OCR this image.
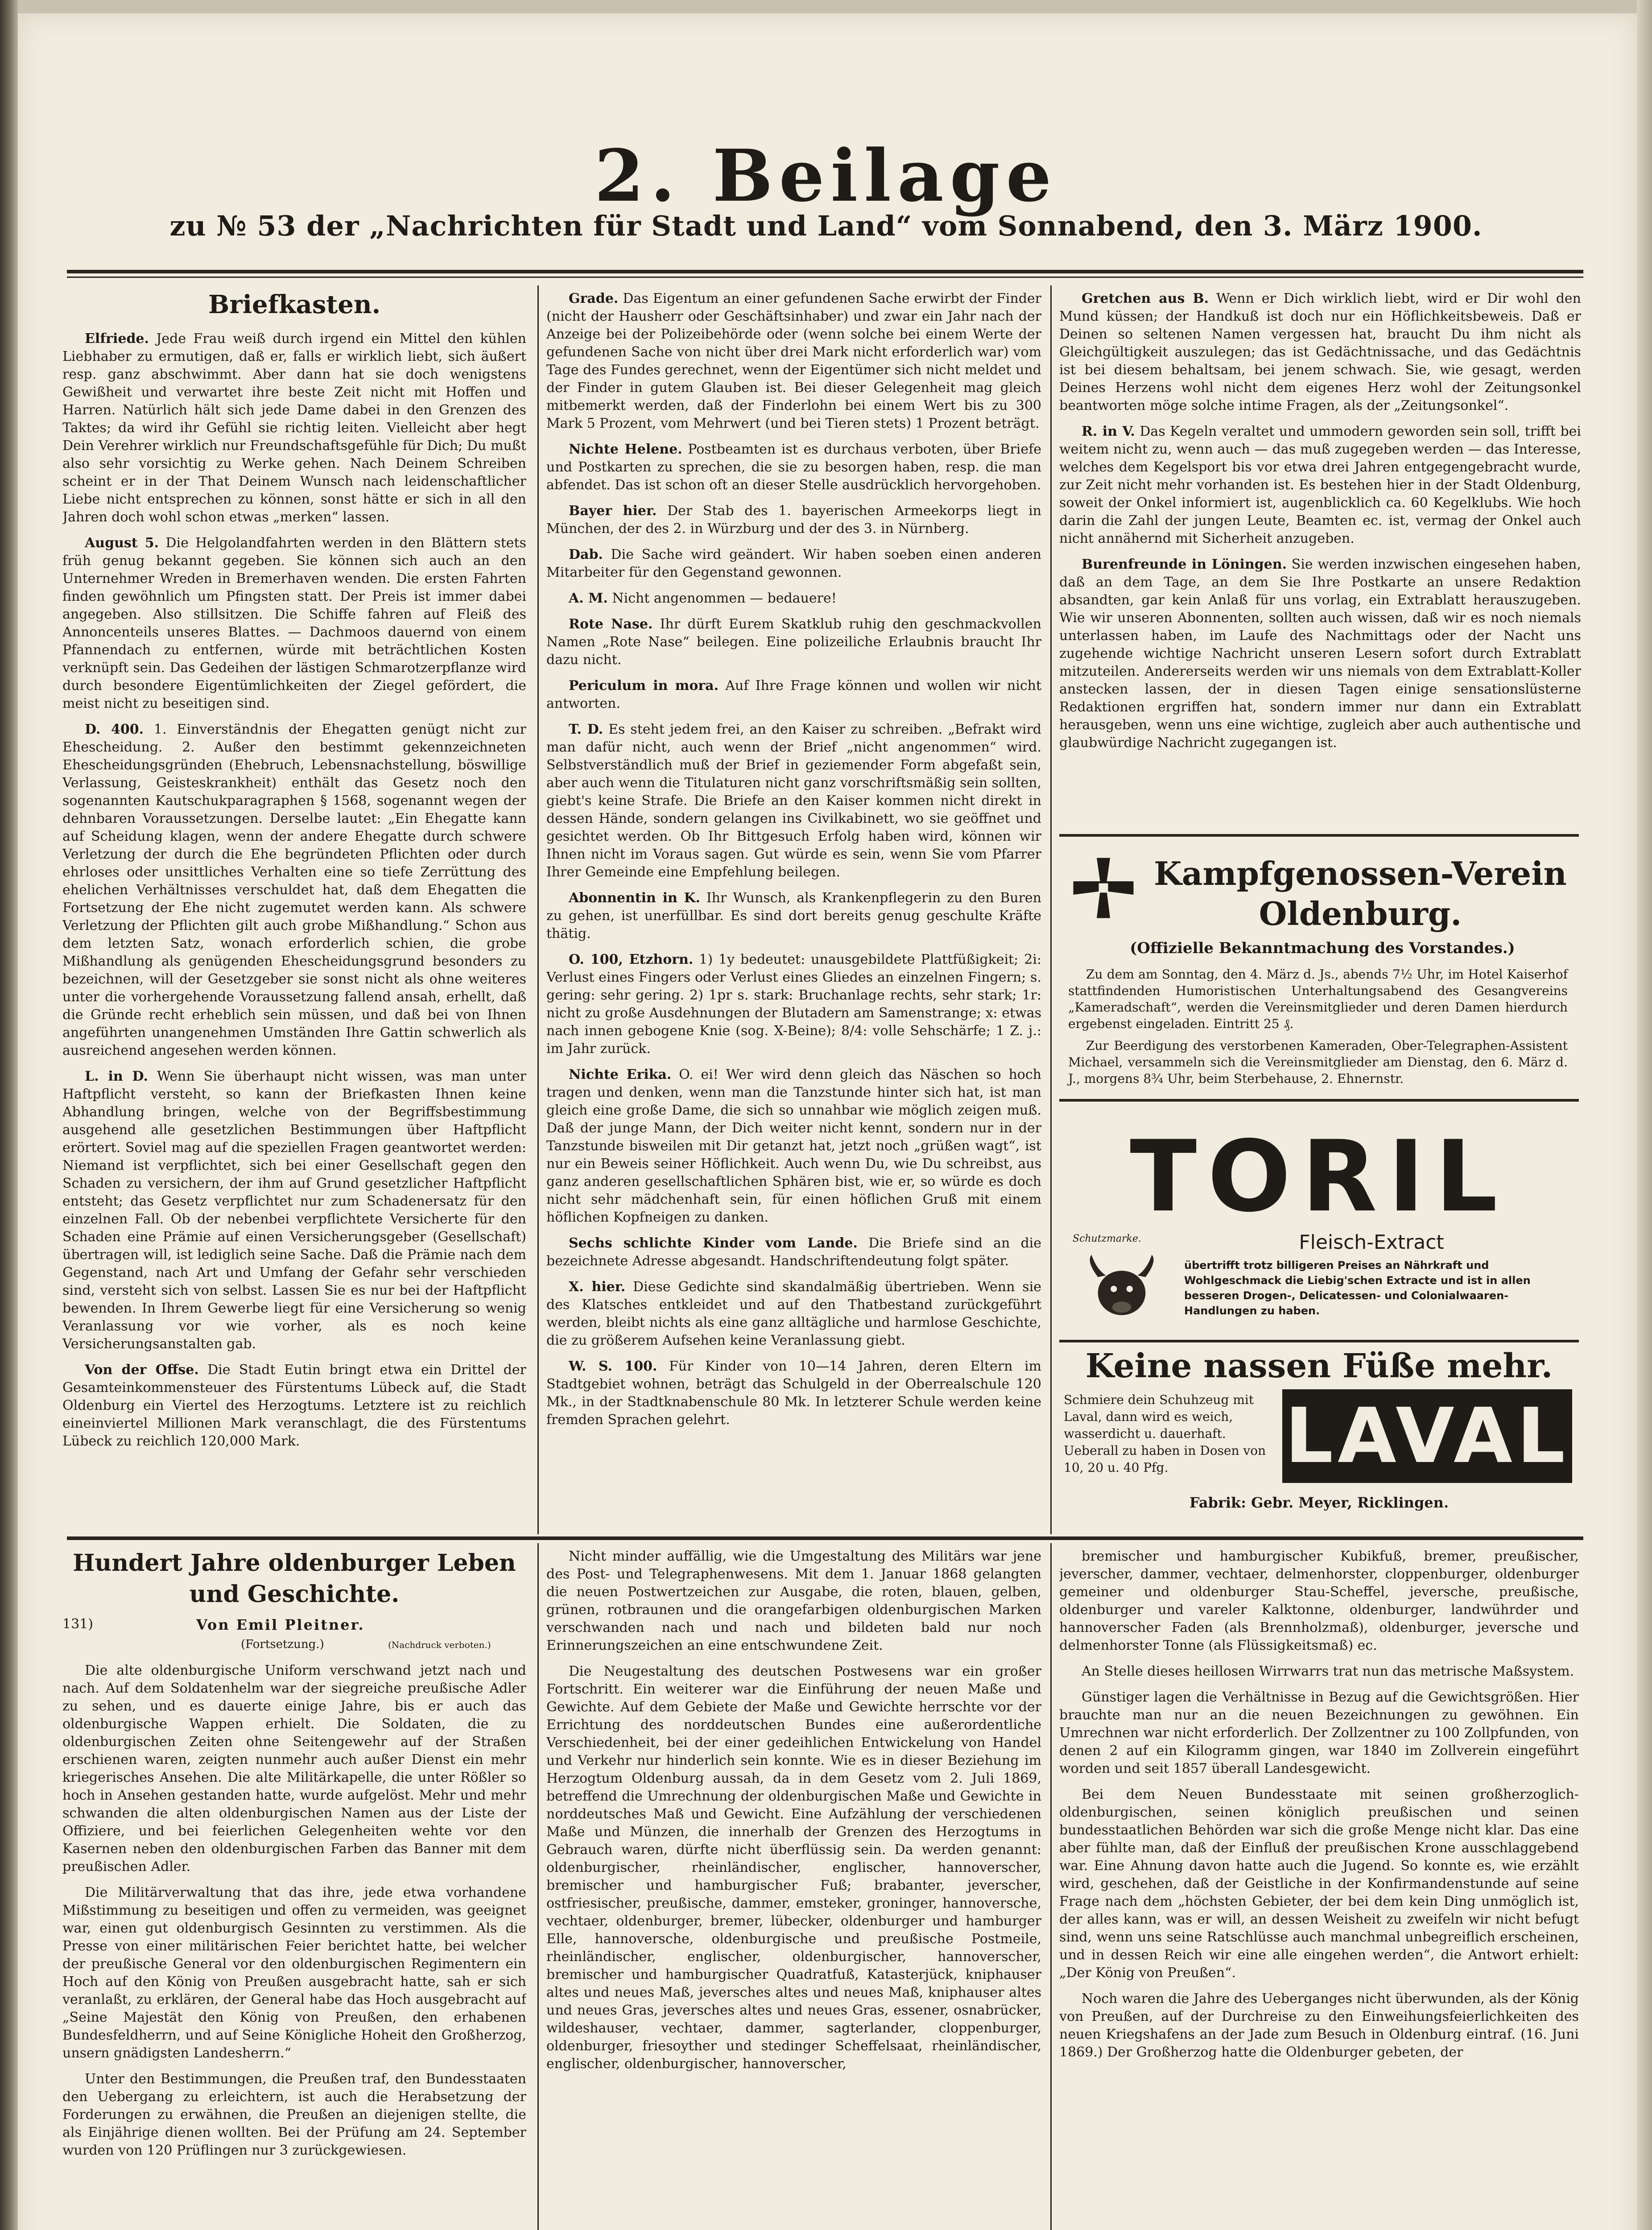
2. Beilage
zu № 53 der „Nachrichten für Stadt und Land“ vom Sonnabend, den 3. März 1900.
Briefkasten.

Elfriede. Jede Frau weiß durch irgend ein Mittel den kühlen Liebhaber zu ermutigen, daß er, falls er wirklich liebt, sich äußert resp. ganz abschwimmt. Aber dann hat sie doch wenigstens Gewißheit und verwartet ihre beste Zeit nicht mit Hoffen und Harren. Natürlich hält sich jede Dame dabei in den Grenzen des Taktes; da wird ihr Gefühl sie richtig leiten. Vielleicht aber hegt Dein Verehrer wirklich nur Freundschaftsgefühle für Dich; Du mußt also sehr vorsichtig zu Werke gehen. Nach Deinem Schreiben scheint er in der That Deinem Wunsch nach leidenschaftlicher Liebe nicht entsprechen zu können, sonst hätte er sich in all den Jahren doch wohl schon etwas „merken“ lassen.

August 5. Die Helgolandfahrten werden in den Blättern stets früh genug bekannt gegeben. Sie können sich auch an den Unternehmer Wreden in Bremerhaven wenden. Die ersten Fahrten finden gewöhnlich um Pfingsten statt. Der Preis ist immer dabei angegeben. Also stillsitzen. Die Schiffe fahren auf Fleiß des Annoncenteils unseres Blattes. — Dachmoos dauernd von einem Pfannendach zu entfernen, würde mit beträchtlichen Kosten verknüpft sein. Das Gedeihen der lästigen Schmarotzerpflanze wird durch besondere Eigentümlichkeiten der Ziegel gefördert, die meist nicht zu beseitigen sind.

D. 400. 1. Einverständnis der Ehegatten genügt nicht zur Ehescheidung. 2. Außer den bestimmt gekennzeichneten Ehescheidungsgründen (Ehebruch, Lebensnachstellung, böswillige Verlassung, Geisteskrankheit) enthält das Gesetz noch den sogenannten Kautschukparagraphen § 1568, sogenannt wegen der dehnbaren Voraussetzungen. Derselbe lautet: „Ein Ehegatte kann auf Scheidung klagen, wenn der andere Ehegatte durch schwere Verletzung der durch die Ehe begründeten Pflichten oder durch ehrloses oder unsittliches Verhalten eine so tiefe Zerrüttung des ehelichen Verhältnisses verschuldet hat, daß dem Ehegatten die Fortsetzung der Ehe nicht zugemutet werden kann. Als schwere Verletzung der Pflichten gilt auch grobe Mißhandlung.“ Schon aus dem letzten Satz, wonach erforderlich schien, die grobe Mißhandlung als genügenden Ehescheidungsgrund besonders zu bezeichnen, will der Gesetzgeber sie sonst nicht als ohne weiteres unter die vorhergehende Voraussetzung fallend ansah, erhellt, daß die Gründe recht erheblich sein müssen, und daß bei von Ihnen angeführten unangenehmen Umständen Ihre Gattin schwerlich als ausreichend angesehen werden können.

L. in D. Wenn Sie überhaupt nicht wissen, was man unter Haftpflicht versteht, so kann der Briefkasten Ihnen keine Abhandlung bringen, welche von der Begriffsbestimmung ausgehend alle gesetzlichen Bestimmungen über Haftpflicht erörtert. Soviel mag auf die speziellen Fragen geantwortet werden: Niemand ist verpflichtet, sich bei einer Gesellschaft gegen den Schaden zu versichern, der ihm auf Grund gesetzlicher Haftpflicht entsteht; das Gesetz verpflichtet nur zum Schadenersatz für den einzelnen Fall. Ob der nebenbei verpflichtete Versicherte für den Schaden eine Prämie auf einen Versicherungsgeber (Gesellschaft) übertragen will, ist lediglich seine Sache. Daß die Prämie nach dem Gegenstand, nach Art und Umfang der Gefahr sehr verschieden sind, versteht sich von selbst. Lassen Sie es nur bei der Haftpflicht bewenden. In Ihrem Gewerbe liegt für eine Versicherung so wenig Veranlassung vor wie vorher, als es noch keine Versicherungsanstalten gab.

Von der Offse. Die Stadt Eutin bringt etwa ein Drittel der Gesamteinkommensteuer des Fürstentums Lübeck auf, die Stadt Oldenburg ein Viertel des Herzogtums. Letztere ist zu reichlich eineinviertel Millionen Mark veranschlagt, die des Fürstentums Lübeck zu reichlich 120,000 Mark.

Grade. Das Eigentum an einer gefundenen Sache erwirbt der Finder (nicht der Hausherr oder Geschäftsinhaber) und zwar ein Jahr nach der Anzeige bei der Polizeibehörde oder (wenn solche bei einem Werte der gefundenen Sache von nicht über drei Mark nicht erforderlich war) vom Tage des Fundes gerechnet, wenn der Eigentümer sich nicht meldet und der Finder in gutem Glauben ist. Bei dieser Gelegenheit mag gleich mitbemerkt werden, daß der Finderlohn bei einem Wert bis zu 300 Mark 5 Prozent, vom Mehrwert (und bei Tieren stets) 1 Prozent beträgt.

Nichte Helene. Postbeamten ist es durchaus verboten, über Briefe und Postkarten zu sprechen, die sie zu besorgen haben, resp. die man abfendet. Das ist schon oft an dieser Stelle ausdrücklich hervorgehoben.

Bayer hier. Der Stab des 1. bayerischen Armeekorps liegt in München, der des 2. in Würzburg und der des 3. in Nürnberg.

Dab. Die Sache wird geändert. Wir haben soeben einen anderen Mitarbeiter für den Gegenstand gewonnen.

A. M. Nicht angenommen — bedauere!

Rote Nase. Ihr dürft Eurem Skatklub ruhig den geschmackvollen Namen „Rote Nase“ beilegen. Eine polizeiliche Erlaubnis braucht Ihr dazu nicht.

Periculum in mora. Auf Ihre Frage können und wollen wir nicht antworten.

T. D. Es steht jedem frei, an den Kaiser zu schreiben. „Befrakt wird man dafür nicht, auch wenn der Brief „nicht angenommen“ wird. Selbstverständlich muß der Brief in geziemender Form abgefaßt sein, aber auch wenn die Titulaturen nicht ganz vorschriftsmäßig sein sollten, giebt's keine Strafe. Die Briefe an den Kaiser kommen nicht direkt in dessen Hände, sondern gelangen ins Civilkabinett, wo sie geöffnet und gesichtet werden. Ob Ihr Bittgesuch Erfolg haben wird, können wir Ihnen nicht im Voraus sagen. Gut würde es sein, wenn Sie vom Pfarrer Ihrer Gemeinde eine Empfehlung beilegen.

Abonnentin in K. Ihr Wunsch, als Krankenpflegerin zu den Buren zu gehen, ist unerfüllbar. Es sind dort bereits genug geschulte Kräfte thätig.

O. 100, Etzhorn. 1) 1y bedeutet: unausgebildete Plattfüßigkeit; 2i: Verlust eines Fingers oder Verlust eines Gliedes an einzelnen Fingern; s. gering: sehr gering. 2) 1pr s. stark: Bruchanlage rechts, sehr stark; 1r: nicht zu große Ausdehnungen der Blutadern am Samenstrange; x: etwas nach innen gebogene Knie (sog. X-Beine); 8/4: volle Sehschärfe; 1 Z. j.: im Jahr zurück.

Nichte Erika. O. ei! Wer wird denn gleich das Näschen so hoch tragen und denken, wenn man die Tanzstunde hinter sich hat, ist man gleich eine große Dame, die sich so unnahbar wie möglich zeigen muß. Daß der junge Mann, der Dich weiter nicht kennt, sondern nur in der Tanzstunde bisweilen mit Dir getanzt hat, jetzt noch „grüßen wagt“, ist nur ein Beweis seiner Höflichkeit. Auch wenn Du, wie Du schreibst, aus ganz anderen gesellschaftlichen Sphären bist, wie er, so würde es doch nicht sehr mädchenhaft sein, für einen höflichen Gruß mit einem höflichen Kopfneigen zu danken.

Sechs schlichte Kinder vom Lande. Die Briefe sind an die bezeichnete Adresse abgesandt. Handschriftendeutung folgt später.

X. hier. Diese Gedichte sind skandalmäßig übertrieben. Wenn sie des Klatsches entkleidet und auf den Thatbestand zurückgeführt werden, bleibt nichts als eine ganz alltägliche und harmlose Geschichte, die zu größerem Aufsehen keine Veranlassung giebt.

W. S. 100. Für Kinder von 10—14 Jahren, deren Eltern im Stadtgebiet wohnen, beträgt das Schulgeld in der Oberrealschule 120 Mk., in der Stadtknabenschule 80 Mk. In letzterer Schule werden keine fremden Sprachen gelehrt.

Gretchen aus B. Wenn er Dich wirklich liebt, wird er Dir wohl den Mund küssen; der Handkuß ist doch nur ein Höflichkeitsbeweis. Daß er Deinen so seltenen Namen vergessen hat, braucht Du ihm nicht als Gleichgültigkeit auszulegen; das ist Gedächtnissache, und das Gedächtnis ist bei diesem behaltsam, bei jenem schwach. Sie, wie gesagt, werden Deines Herzens wohl nicht dem eigenes Herz wohl der Zeitungsonkel beantworten möge solche intime Fragen, als der „Zeitungsonkel“.

R. in V. Das Kegeln veraltet und ummodern geworden sein soll, trifft bei weitem nicht zu, wenn auch — das muß zugegeben werden — das Interesse, welches dem Kegelsport bis vor etwa drei Jahren entgegengebracht wurde, zur Zeit nicht mehr vorhanden ist. Es bestehen hier in der Stadt Oldenburg, soweit der Onkel informiert ist, augenblicklich ca. 60 Kegelklubs. Wie hoch darin die Zahl der jungen Leute, Beamten ec. ist, vermag der Onkel auch nicht annähernd mit Sicherheit anzugeben.

Burenfreunde in Löningen. Sie werden inzwischen eingesehen haben, daß an dem Tage, an dem Sie Ihre Postkarte an unsere Redaktion absandten, gar kein Anlaß für uns vorlag, ein Extrablatt herauszugeben. Wie wir unseren Abonnenten, sollten auch wissen, daß wir es noch niemals unterlassen haben, im Laufe des Nachmittags oder der Nacht uns zugehende wichtige Nachricht unseren Lesern sofort durch Extrablatt mitzuteilen. Andererseits werden wir uns niemals von dem Extrablatt-Koller anstecken lassen, der in diesen Tagen einige sensationslüsterne Redaktionen ergriffen hat, sondern immer nur dann ein Extrablatt herausgeben, wenn uns eine wichtige, zugleich aber auch authentische und glaubwürdige Nachricht zugegangen ist.

Kampfgenossen-Verein
Oldenburg.
(Offizielle Bekanntmachung des Vorstandes.)
Zu dem am Sonntag, den 4. März d. Js., abends 7½ Uhr, im Hotel Kaiserhof stattfindenden Humoristischen Unterhaltungsabend des Gesangvereins „Kameradschaft“, werden die Vereinsmitglieder und deren Damen hierdurch ergebenst eingeladen. Eintritt 25 ₰.
Zur Beerdigung des verstorbenen Kameraden, Ober-Telegraphen-Assistent Michael, versammeln sich die Vereinsmitglieder am Dienstag, den 6. März d. J., morgens 8¾ Uhr, beim Sterbehause, 2. Ehnernstr.
TORIL
Fleisch-Extract
Schutzmarke.
übertrifft trotz billigeren Preises an Nährkraft und Wohlgeschmack die Liebig'schen Extracte und ist in allen besseren Drogen-, Delicatessen- und Colonialwaaren-Handlungen zu haben.
Keine nassen Füße mehr.
Schmiere dein Schuhzeug mit Laval, dann wird es weich, wasserdicht u. dauerhaft. Ueberall zu haben in Dosen von 10, 20 u. 40 Pfg.	LAVAL
Fabrik: Gebr. Meyer, Ricklingen.
Hundert Jahre oldenburger Leben
und Geschichte.
131)	Von Emil Pleitner.
(Fortsetzung.)	(Nachdruck verboten.)

Die alte oldenburgische Uniform verschwand jetzt nach und nach. Auf dem Soldatenhelm war der siegreiche preußische Adler zu sehen, und es dauerte einige Jahre, bis er auch das oldenburgische Wappen erhielt. Die Soldaten, die zu oldenburgischen Zeiten ohne Seitengewehr auf der Straßen erschienen waren, zeigten nunmehr auch außer Dienst ein mehr kriegerisches Ansehen. Die alte Militärkapelle, die unter Rößler so hoch in Ansehen gestanden hatte, wurde aufgelöst. Mehr und mehr schwanden die alten oldenburgischen Namen aus der Liste der Offiziere, und bei feierlichen Gelegenheiten wehte vor den Kasernen neben den oldenburgischen Farben das Banner mit dem preußischen Adler.

Die Militärverwaltung that das ihre, jede etwa vorhandene Mißstimmung zu beseitigen und offen zu vermeiden, was geeignet war, einen gut oldenburgisch Gesinnten zu verstimmen. Als die Presse von einer militärischen Feier berichtet hatte, bei welcher der preußische General vor den oldenburgischen Regimentern ein Hoch auf den König von Preußen ausgebracht hatte, sah er sich veranlaßt, zu erklären, der General habe das Hoch ausgebracht auf „Seine Majestät den König von Preußen, den erhabenen Bundesfeldherrn, und auf Seine Königliche Hoheit den Großherzog, unsern gnädigsten Landesherrn.“

Unter den Bestimmungen, die Preußen traf, den Bundesstaaten den Uebergang zu erleichtern, ist auch die Herabsetzung der Forderungen zu erwähnen, die Preußen an diejenigen stellte, die als Einjährige dienen wollten. Bei der Prüfung am 24. September wurden von 120 Prüflingen nur 3 zurückgewiesen.

Nicht minder auffällig, wie die Umgestaltung des Militärs war jene des Post- und Telegraphenwesens. Mit dem 1. Januar 1868 gelangten die neuen Postwertzeichen zur Ausgabe, die roten, blauen, gelben, grünen, rotbraunen und die orangefarbigen oldenburgischen Marken verschwanden nach und nach und bildeten bald nur noch Erinnerungszeichen an eine entschwundene Zeit.

Die Neugestaltung des deutschen Postwesens war ein großer Fortschritt. Ein weiterer war die Einführung der neuen Maße und Gewichte. Auf dem Gebiete der Maße und Gewichte herrschte vor der Errichtung des norddeutschen Bundes eine außerordentliche Verschiedenheit, bei der einer gedeihlichen Entwickelung von Handel und Verkehr nur hinderlich sein konnte. Wie es in dieser Beziehung im Herzogtum Oldenburg aussah, da in dem Gesetz vom 2. Juli 1869, betreffend die Umrechnung der oldenburgischen Maße und Gewichte in norddeutsches Maß und Gewicht. Eine Aufzählung der verschiedenen Maße und Münzen, die innerhalb der Grenzen des Herzogtums in Gebrauch waren, dürfte nicht überflüssig sein. Da werden genannt: oldenburgischer, rheinländischer, englischer, hannoverscher, bremischer und hamburgischer Fuß; brabanter, jeverscher, ostfriesischer, preußische, dammer, emsteker, groninger, hannoversche, vechtaer, oldenburger, bremer, lübecker, oldenburger und hamburger Elle, hannoversche, oldenburgische und preußische Postmeile, rheinländischer, englischer, oldenburgischer, hannoverscher, bremischer und hamburgischer Quadratfuß, Katasterjück, kniphauser altes und neues Maß, jeversches altes und neues Maß, kniphauser altes und neues Gras, jeversches altes und neues Gras, essener, osnabrücker, wildeshauser, vechtaer, dammer, sagterlander, cloppenburger, oldenburger, friesoyther und stedinger Scheffelsaat, rheinländischer, englischer, oldenburgischer, hannoverscher,

bremischer und hamburgischer Kubikfuß, bremer, preußischer, jeverscher, dammer, vechtaer, delmenhorster, cloppenburger, oldenburger gemeiner und oldenburger Stau-Scheffel, jeversche, preußische, oldenburger und vareler Kalktonne, oldenburger, landwührder und hannoverscher Faden (als Brennholzmaß), oldenburger, jeversche und delmenhorster Tonne (als Flüssigkeitsmaß) ec.

An Stelle dieses heillosen Wirrwarrs trat nun das metrische Maßsystem.

Günstiger lagen die Verhältnisse in Bezug auf die Gewichtsgrößen. Hier brauchte man nur an die neuen Bezeichnungen zu gewöhnen. Ein Umrechnen war nicht erforderlich. Der Zollzentner zu 100 Zollpfunden, von denen 2 auf ein Kilogramm gingen, war 1840 im Zollverein eingeführt worden und seit 1857 überall Landesgewicht.

Bei dem Neuen Bundesstaate mit seinen großherzoglich-oldenburgischen, seinen königlich preußischen und seinen bundesstaatlichen Behörden war sich die große Menge nicht klar. Das eine aber fühlte man, daß der Einfluß der preußischen Krone ausschlaggebend war. Eine Ahnung davon hatte auch die Jugend. So konnte es, wie erzählt wird, geschehen, daß der Geistliche in der Konfirmandenstunde auf seine Frage nach dem „höchsten Gebieter, der bei dem kein Ding unmöglich ist, der alles kann, was er will, an dessen Weisheit zu zweifeln wir nicht befugt sind, wenn uns seine Ratschlüsse auch manchmal unbegreiflich erscheinen, und in dessen Reich wir eine alle eingehen werden“, die Antwort erhielt: „Der König von Preußen“.

Noch waren die Jahre des Ueberganges nicht überwunden, als der König von Preußen, auf der Durchreise zu den Einweihungsfeierlichkeiten des neuen Kriegshafens an der Jade zum Besuch in Oldenburg eintraf. (16. Juni 1869.) Der Großherzog hatte die Oldenburger gebeten, der
